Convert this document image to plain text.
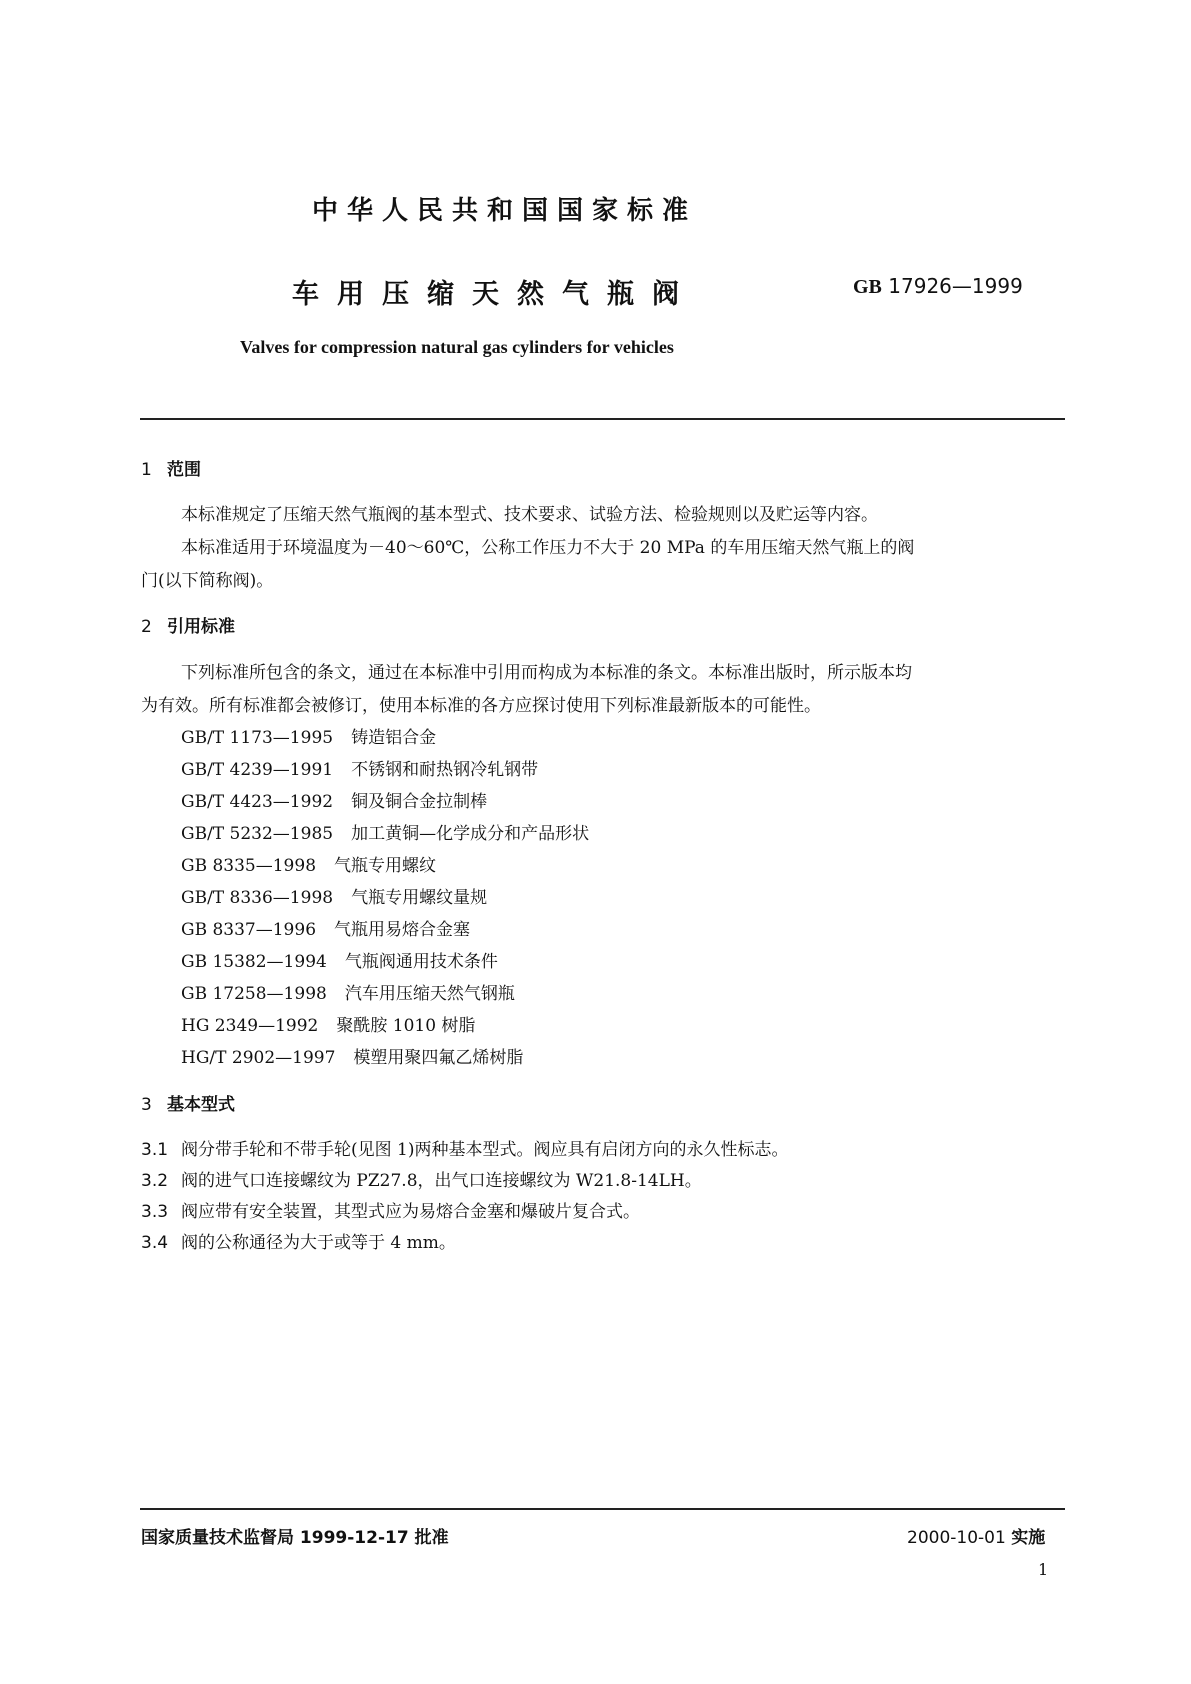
中华人民共和国国家标准
车用压缩天然气瓶阀	GB 17926—1999
Valves for compression natural gas cylinders for vehicles
1 范围
本标准规定了压缩天然气瓶阀的基本型式、技术要求、试验方法、检验规则以及贮运等内容。
本标准适用于环境温度为－40～60℃，公称工作压力不大于 20 MPa 的车用压缩天然气瓶上的阀
门(以下简称阀)。
2 引用标准
下列标准所包含的条文，通过在本标准中引用而构成为本标准的条文。本标准出版时，所示版本均
为有效。所有标准都会被修订，使用本标准的各方应探讨使用下列标准最新版本的可能性。
GB/T 1173—1995 铸造铝合金
GB/T 4239—1991 不锈钢和耐热钢冷轧钢带
GB/T 4423—1992 铜及铜合金拉制棒
GB/T 5232—1985 加工黄铜—化学成分和产品形状
GB 8335—1998 气瓶专用螺纹
GB/T 8336—1998 气瓶专用螺纹量规
GB 8337—1996 气瓶用易熔合金塞
GB 15382—1994 气瓶阀通用技术条件
GB 17258—1998 汽车用压缩天然气钢瓶
HG 2349—1992 聚酰胺 1010 树脂
HG/T 2902—1997 模塑用聚四氟乙烯树脂
3 基本型式
3.1 阀分带手轮和不带手轮(见图 1)两种基本型式。阀应具有启闭方向的永久性标志。
3.2 阀的进气口连接螺纹为 PZ27.8，出气口连接螺纹为 W21.8-14LH。
3.3 阀应带有安全装置，其型式应为易熔合金塞和爆破片复合式。
3.4 阀的公称通径为大于或等于 4 mm。
国家质量技术监督局 1999-12-17 批准	2000-10-01 实施
1
